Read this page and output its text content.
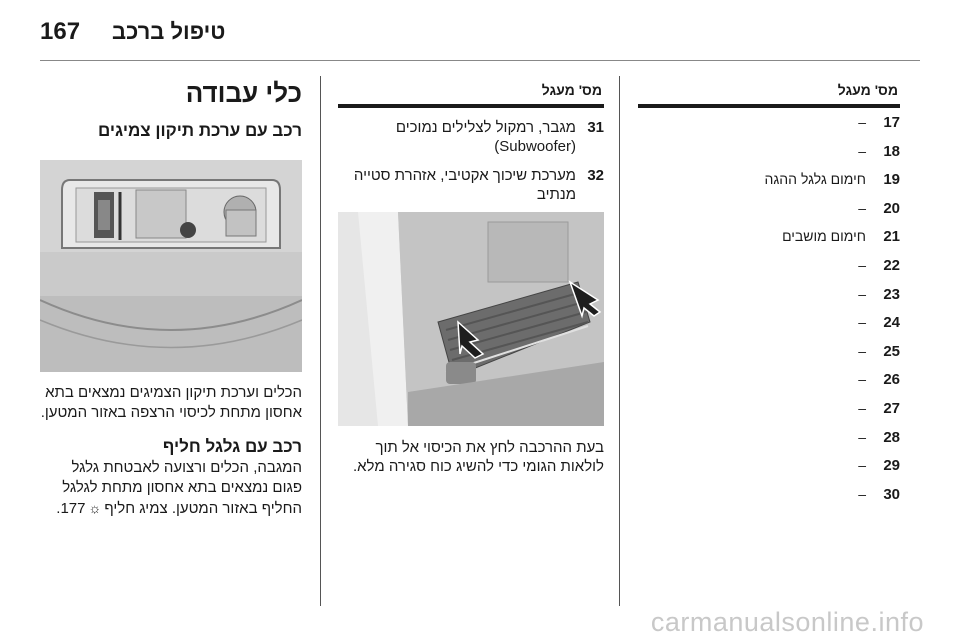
167 טיפול ברכב
מס' מעגל
17
–
18
–
19
חימום גלגל ההגה
20
–
21
חימום מושבים
22
–
23
–
24
–
25
–
26
–
27
–
28
–
29
–
30
–
מס' מעגל
31
מגבר, רמקול לצלילים נמוכים (Subwoofer)
32
מערכת שיכוך אקטיבי, אזהרת סטייה מנתיב
בעת ההרכבה לחץ את הכיסוי אל תוך לולאות הגומי כדי להשיג כוח סגירה מלא.
כלי עבודה
רכב עם ערכת תיקון צמיגים
הכלים וערכת תיקון הצמיגים נמצאים בתא אחסון מתחת לכיסוי הרצפה באזור המטען.
רכב עם גלגל חליף
המגבה, הכלים ורצועה לאבטחת גלגל פגום נמצאים בתא אחסון מתחת לגלגל החליף באזור המטען. צמיג חליף☼177.
carmanualsonline.info
